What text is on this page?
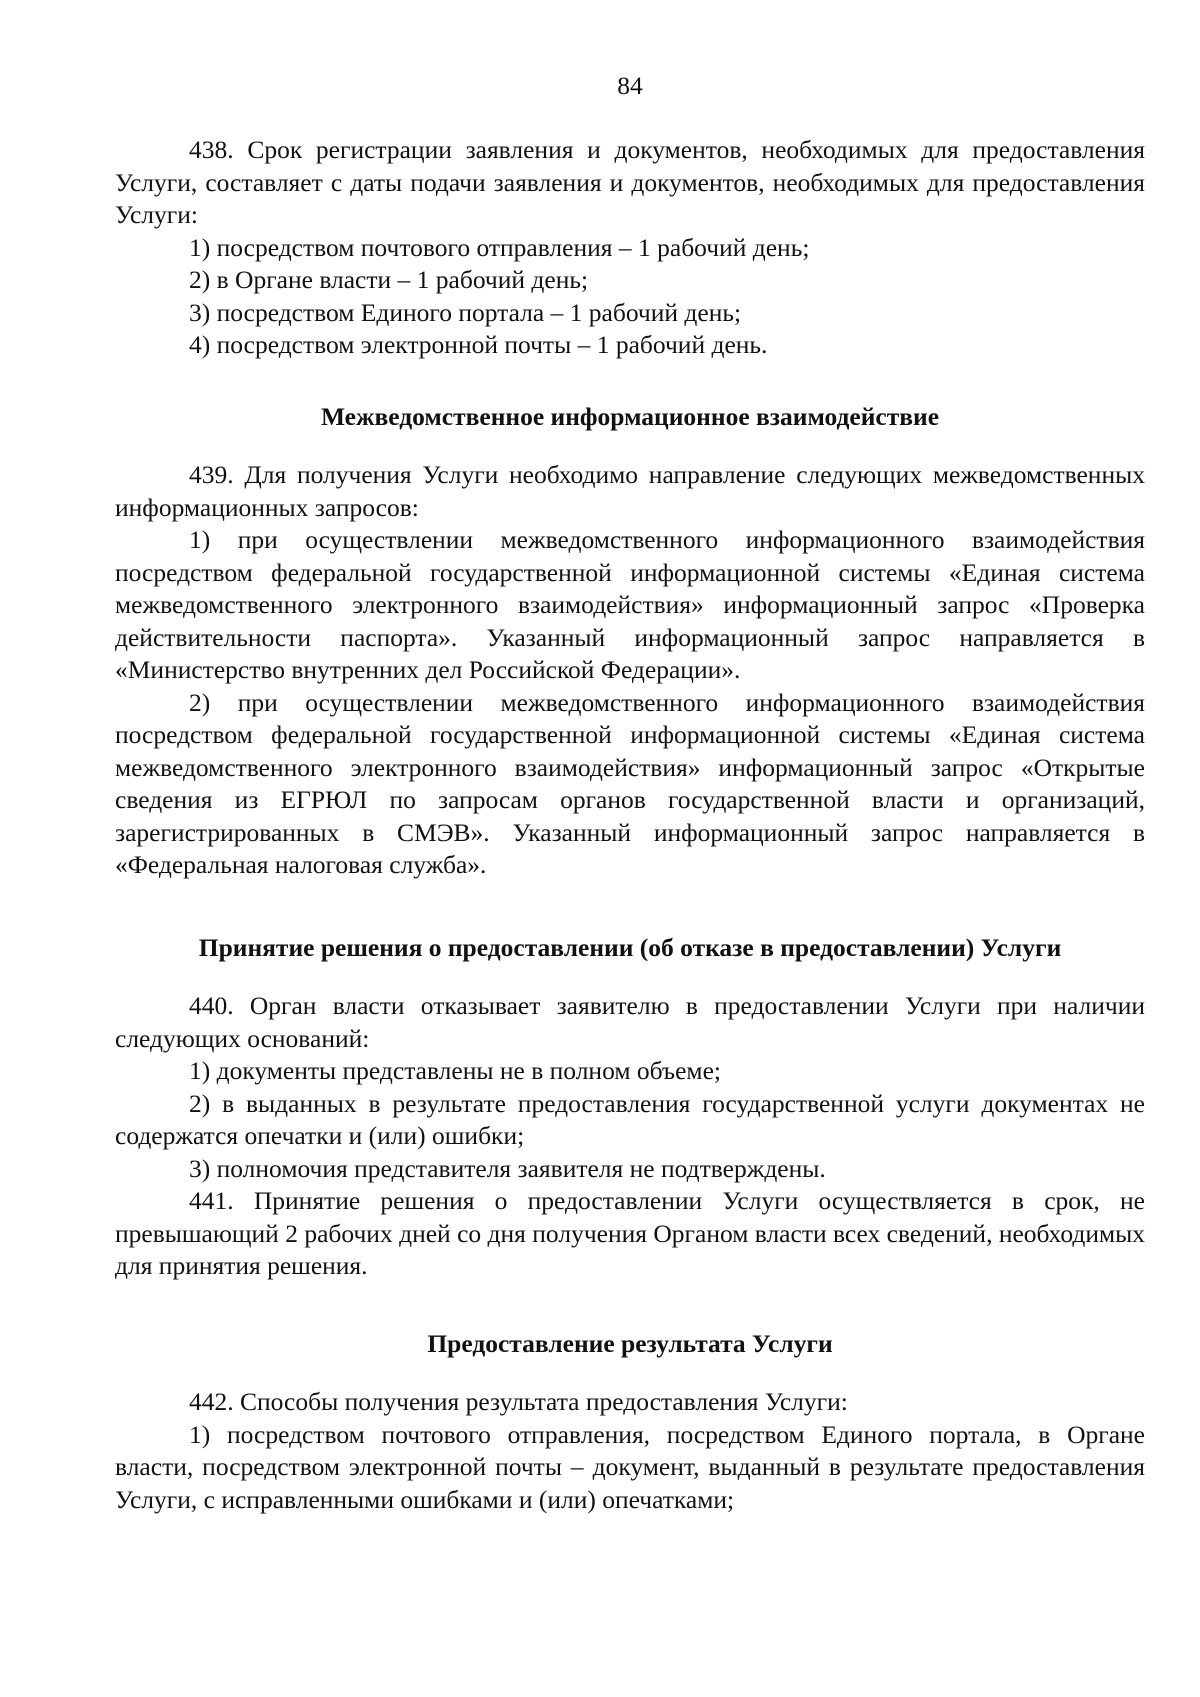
84

438. Срок регистрации заявления и документов, необходимых для предоставления Услуги, составляет с даты подачи заявления и документов, необходимых для предоставления Услуги:

1) посредством почтового отправления – 1 рабочий день;

2) в Органе власти – 1 рабочий день;

3) посредством Единого портала – 1 рабочий день;

4) посредством электронной почты – 1 рабочий день.

Межведомственное информационное взаимодействие

439. Для получения Услуги необходимо направление следующих межведомственных информационных запросов:

1) при осуществлении межведомственного информационного взаимодействия посредством федеральной государственной информационной системы «Единая система межведомственного электронного взаимодействия» информационный запрос «Проверка действительности паспорта». Указанный информационный запрос направляется в «Министерство внутренних дел Российской Федерации».

2) при осуществлении межведомственного информационного взаимодействия посредством федеральной государственной информационной системы «Единая система межведомственного электронного взаимодействия» информационный запрос «Открытые сведения из ЕГРЮЛ по запросам органов государственной власти и организаций, зарегистрированных в СМЭВ». Указанный информационный запрос направляется в «Федеральная налоговая служба».

Принятие решения о предоставлении (об отказе в предоставлении) Услуги

440. Орган власти отказывает заявителю в предоставлении Услуги при наличии следующих оснований:

1) документы представлены не в полном объеме;

2) в выданных в результате предоставления государственной услуги документах не содержатся опечатки и (или) ошибки;

3) полномочия представителя заявителя не подтверждены.

441. Принятие решения о предоставлении Услуги осуществляется в срок, не превышающий 2 рабочих дней со дня получения Органом власти всех сведений, необходимых для принятия решения.

Предоставление результата Услуги

442. Способы получения результата предоставления Услуги:

1) посредством почтового отправления, посредством Единого портала, в Органе власти, посредством электронной почты – документ, выданный в результате предоставления Услуги, с исправленными ошибками и (или) опечатками;
